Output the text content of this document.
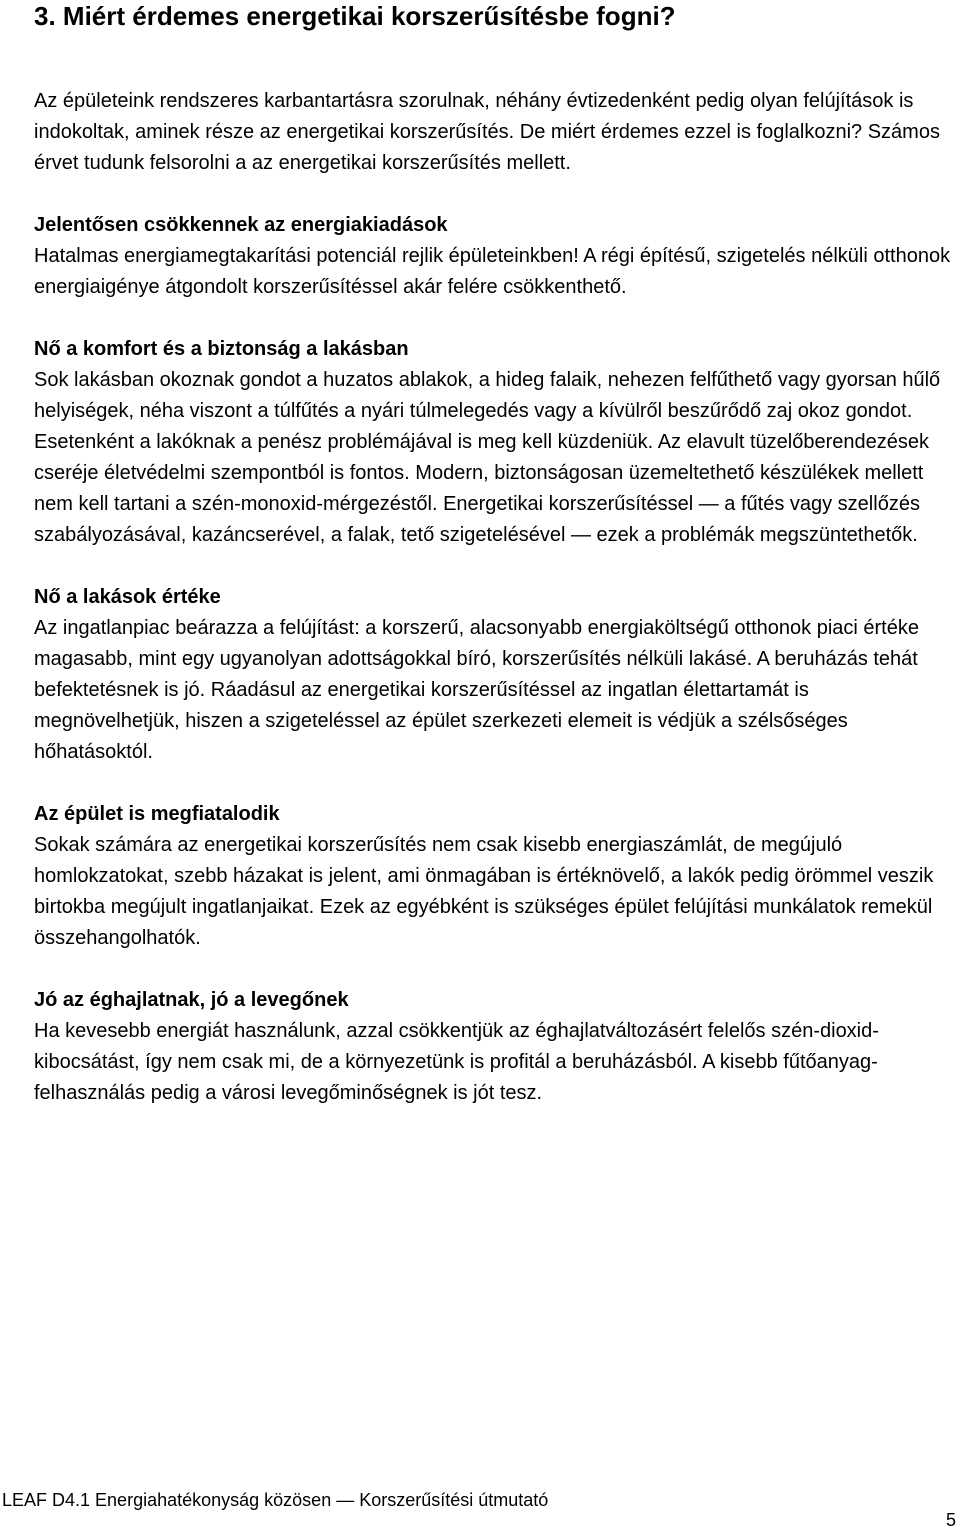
3. Miért érdemes energetikai korszerűsítésbe fogni?

Az épületeink rendszeres karbantartásra szorulnak, néhány évtizedenként pedig olyan felújítások is indokoltak, aminek része az energetikai korszerűsítés. De miért érdemes ezzel is foglalkozni? Számos érvet tudunk felsorolni a az energetikai korszerűsítés mellett.

Jelentősen csökkennek az energiakiadások
Hatalmas energiamegtakarítási potenciál rejlik épületeinkben! A régi építésű, szigetelés nélküli otthonok energiaigénye átgondolt korszerűsítéssel akár felére csökkenthető.
Nő a komfort és a biztonság a lakásban
Sok lakásban okoznak gondot a huzatos ablakok, a hideg falaik, nehezen felfűthető vagy gyorsan hűlő helyiségek, néha viszont a túlfűtés a nyári túlmelegedés vagy a kívülről beszűrődő zaj okoz gondot. Esetenként a lakóknak a penész problémájával is meg kell küzdeniük. Az elavult tüzelőberendezések cseréje életvédelmi szempontból is fontos. Modern, biztonságosan üzemeltethető készülékek mellett nem kell tartani a szén-monoxid-mérgezéstől. Energetikai korszerűsítéssel — a fűtés vagy szellőzés szabályozásával, kazáncserével, a falak, tető szigetelésével — ezek a problémák megszüntethetők.
Nő a lakások értéke
Az ingatlanpiac beárazza a felújítást: a korszerű, alacsonyabb energiaköltségű otthonok piaci értéke magasabb, mint egy ugyanolyan adottságokkal bíró, korszerűsítés nélküli lakásé. A beruházás tehát befektetésnek is jó. Ráadásul az energetikai korszerűsítéssel az ingatlan élettartamát is megnövelhetjük, hiszen a szigeteléssel az épület szerkezeti elemeit is védjük a szélsőséges hőhatásoktól.
Az épület is megfiatalodik
Sokak számára az energetikai korszerűsítés nem csak kisebb energiaszámlát, de megújuló homlokzatokat, szebb házakat is jelent, ami önmagában is értéknövelő, a lakók pedig örömmel veszik birtokba megújult ingatlanjaikat. Ezek az egyébként is szükséges épület felújítási munkálatok remekül összehangolhatók.
Jó az éghajlatnak, jó a levegőnek
Ha kevesebb energiát használunk, azzal csökkentjük az éghajlatváltozásért felelős szén-dioxid-kibocsátást, így nem csak mi, de a környezetünk is profitál a beruházásból. A kisebb fűtőanyag-felhasználás pedig a városi levegőminőségnek is jót tesz.
LEAF D4.1 Energiahatékonyság közösen — Korszerűsítési útmutató
5
